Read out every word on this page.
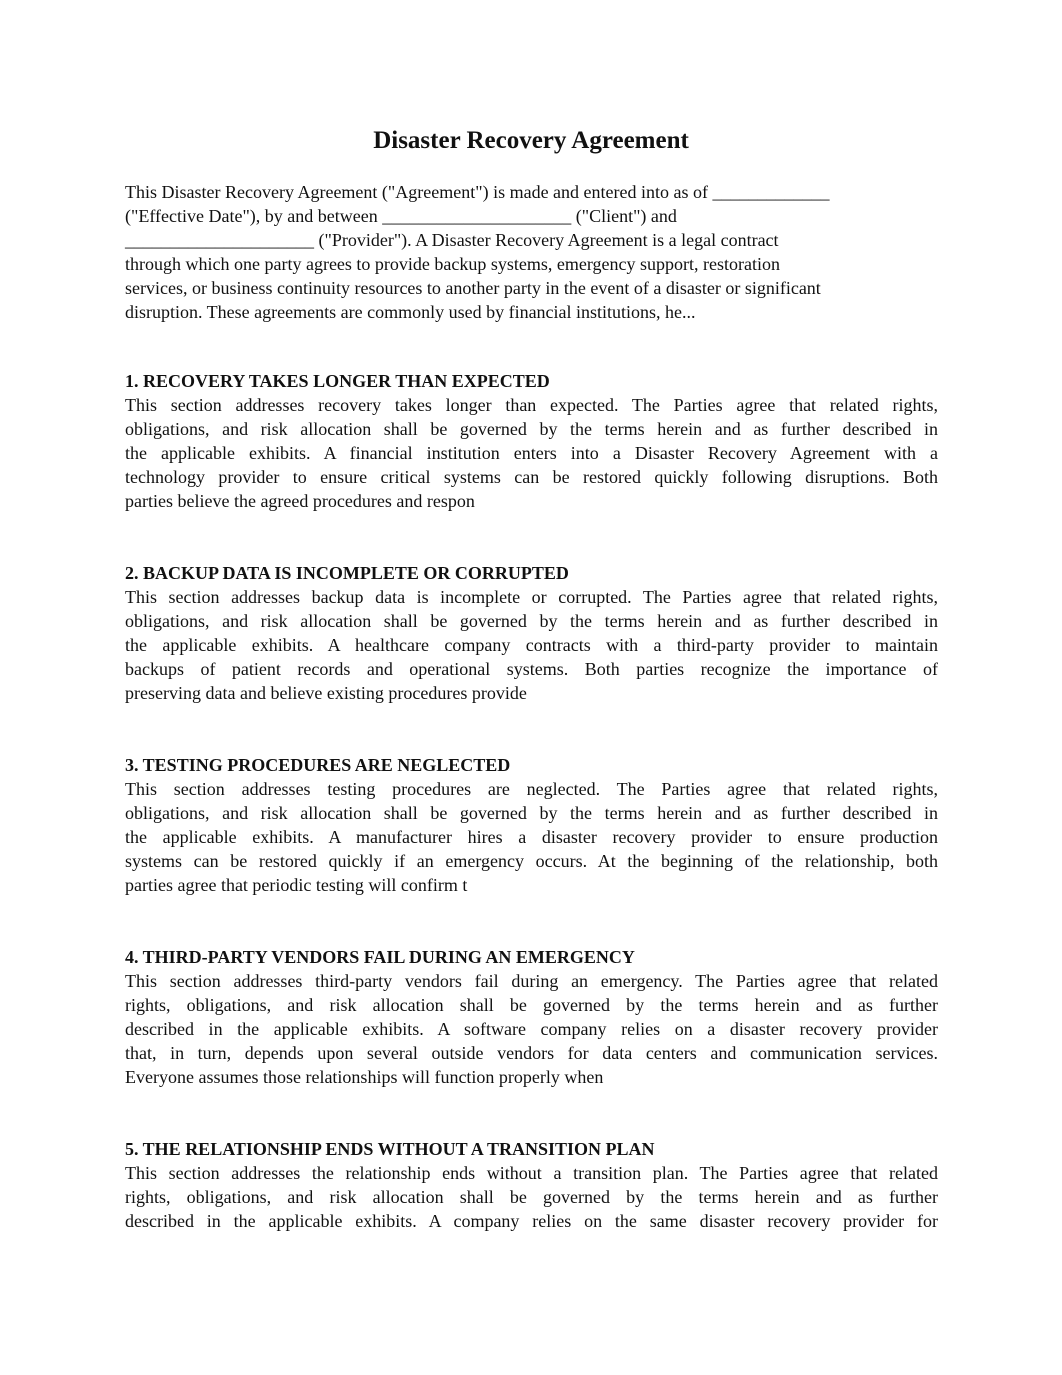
Disaster Recovery Agreement

This Disaster Recovery Agreement ("Agreement") is made and entered into as of _____________
("Effective Date"), by and between _____________________ ("Client") and
_____________________ ("Provider"). A Disaster Recovery Agreement is a legal contract
through which one party agrees to provide backup systems, emergency support, restoration
services, or business continuity resources to another party in the event of a disaster or significant
disruption. These agreements are commonly used by financial institutions, he...

1. RECOVERY TAKES LONGER THAN EXPECTED

This section addresses recovery takes longer than expected. The Parties agree that related rights,
obligations, and risk allocation shall be governed by the terms herein and as further described in
the applicable exhibits. A financial institution enters into a Disaster Recovery Agreement with a
technology provider to ensure critical systems can be restored quickly following disruptions. Both
parties believe the agreed procedures and respon

2. BACKUP DATA IS INCOMPLETE OR CORRUPTED

This section addresses backup data is incomplete or corrupted. The Parties agree that related rights,
obligations, and risk allocation shall be governed by the terms herein and as further described in
the applicable exhibits. A healthcare company contracts with a third-party provider to maintain
backups of patient records and operational systems. Both parties recognize the importance of
preserving data and believe existing procedures provide

3. TESTING PROCEDURES ARE NEGLECTED

This section addresses testing procedures are neglected. The Parties agree that related rights,
obligations, and risk allocation shall be governed by the terms herein and as further described in
the applicable exhibits. A manufacturer hires a disaster recovery provider to ensure production
systems can be restored quickly if an emergency occurs. At the beginning of the relationship, both
parties agree that periodic testing will confirm t

4. THIRD-PARTY VENDORS FAIL DURING AN EMERGENCY

This section addresses third-party vendors fail during an emergency. The Parties agree that related
rights, obligations, and risk allocation shall be governed by the terms herein and as further
described in the applicable exhibits. A software company relies on a disaster recovery provider
that, in turn, depends upon several outside vendors for data centers and communication services.
Everyone assumes those relationships will function properly when

5. THE RELATIONSHIP ENDS WITHOUT A TRANSITION PLAN

This section addresses the relationship ends without a transition plan. The Parties agree that related
rights, obligations, and risk allocation shall be governed by the terms herein and as further
described in the applicable exhibits. A company relies on the same disaster recovery provider for
